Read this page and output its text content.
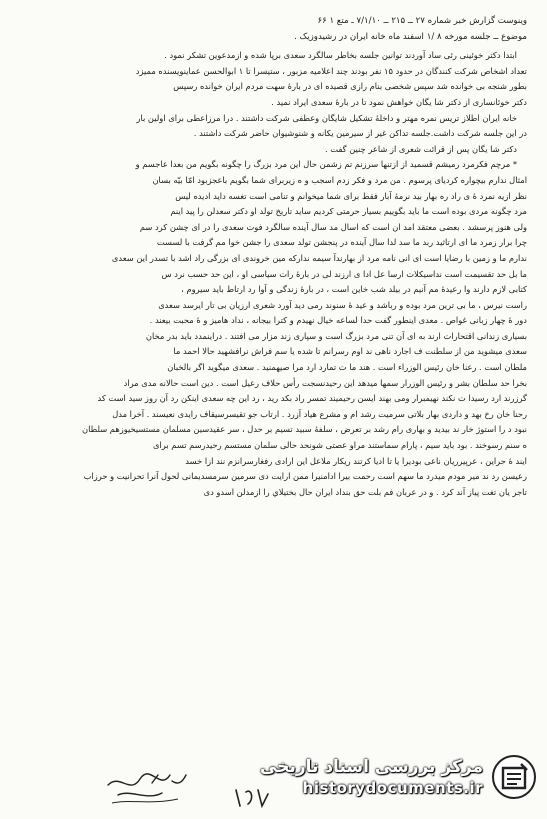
وینوست گزارش خبر شماره ۲۷ ــ ۲۱۵ ــ ۷/۱/۱۰ ـ متع ۱ ۶۶
موضوع ــ جلسه مورخه ۸ /۱ اسفند ماه خانه ایران در رشیدوزیک .
ابتدا دکتر خوئینی رئی ساد آوردند توانین جلسه بخاطر سالگرد سعدی برپا شده و ازمدعوین تشکر نمود .
تعداد اشخاص شرکت کنندگان در حدود ۱۵ نفر بودند چند اعلامیه مزبور ، ستیسرا تا ۱ ابوالحسن عماینویسنده ممیزد
بطور شنجه بی خوانده شد سپس شخصی بنام رازی قصیده ای در بارهٔ سهت مردم ایران خوانده رسپس
دکتر خوئانساری از دکتر شا یگان خواهش نمود تا در بارهٔ سعدی ایراد نمید .
خانه ایران اطلاز تریس نمره مهتر و داخلهٔ تشکیل شایگان وعطفی شرکت داشتند . درا مرزاعطی برای اولین بار
در این جلسه شرکت داشت.جلسه تداکن غیر از سیرمین یکانه و شنوشیوان حاضر شرکت داشتند .
دکتر شا یگان پس از قرائت شعری از شاعر چنین گفت .
* مرچم فکرمرد رمیشم قسمید از ازتنها سرزنم تم زشمن حال این مرد بزرگ را چگونه بگویم من بعدا عاجسم و
امثال ندارم بیچواره کردیای پرسوم . من مرد و فکر زدم اسجب و ه زیربرای شما بگویم باعجزبود امّا بیّه بسان
نظر ازیه نمرد هٔ ی راد ره بهار بید نرمهٔ آبار فقط برای شما میخوانم و تنامی است تغسه داید ادیده لیس
مرد چگونه مردی بوده است ما باید بگوییم بسیار حرمتی کردیم ساید تاریخ تولد او دکتر سعدلن را پید اینم
ولی هنوز پرسشد . بعضی معتقد امد ان است که اسال مد سال آینده سالگرد فوت سعدی را در ای چشن کرد سم
چرا برار زمرد ما ای ارتاثید ربد ما سد لدا سال آینده در پنجشن تولد سعدی را جشن خوا مم گرفت با لسست
ندارم ما و زمین با رضایا است ای انی نامه مرد از بهارندآ سیمه ندارکه مین خروندی ای بزرگی راد اشد با تسدر این سعدی
ما بل حد تقسیمت است نداسیکلات ارسا عل ادا ی ارزند لی در بارهٔ رات سیاسی او ، این حد حسب نرد س
کتابی لازم دارند وا رعیدهٔ مم آنیم در بیلد شب خاین است ، در بارهٔ زندگی و آوا رد ارتاط باید سیروم ،
راست نیرس ، ما بی ترین مرد بوده و رباشد و عید هٔ سنوند رمی دید آورد شعری ارزیان بی تار ایرسد سعدی
دور هٔ چهار زبانی غواص . معدی اینطور گفت حدا لساعه خیال نهیدم و کترا بیجانه ، نداد هامیز و هٔ محبت بیعند .
بسیاری زندانی اقتحارات ارند به ای آن تنی مرد بزرگ است و سپاری زند مزار می افتند . دراینمدد باید بدر مخان
سعدی میشوید من از سلطنت ف اجارد ناهی ند اوم رسرانم تا شده یا سم فراش نرافشهید حالا احمد ما
ملطان است . رعنا خان رئیس الوزراء است . هند ما ت تمارد ارد مرا صیهمنید . سعدی میگوید اگر بالخبان
بخرا حد سلطان بشر و رئیس الوزرار سمها میدهد این رحیدنسجت رأس حلاف رعیل است . دین است حالانه مدی مراد
گرزرند ارد رسیدا ت نکند نهیمبرار ومی بهند ایسن رحیمیند تمسر راد بکد رید ، رد این چه سعدی اینکن رد آن روز سید است کد
رحنا خان رخ بهد و داردی بهار بلاتی سرمیت رشد ام و مشرع هیاد آزرد . ارتاب جو تقیسرسیقاف رایدی نعیسند . آخرا مدل
نبود د را استوژ خار ند بیدید و بهاری رام رشد بر تعرض ، سلفهٔ سبید تسیم بر حدل ، سر عقیدسین مسلمان مستسیخیوزهم سلطان
ه سنم رسوخند . بود باید سیم ، پارام سماستند مراو عصتی شونحد حالی سلمان مستسم رحیدرسم تسم برای
ایند هٔ حراین ، عرپیرریان ناعی بودیرا یا تا ادیا کرتند ریکار ملاعل این ارادی رفغارسرانزم نند ازا خسد
رعیسن رد ند میر مودم میدرد ما سهم است رحمت بیرا ادامنیرا ممن ارایت دی سرمین سرمسدیمانی لحول آنرا تحرانیت و حرزاب
تاجر یان تغت پیاز آند کرد . و در عربان فم بلت حق بنداد ایران حال بختیلاي را ازمدلن اسدو دی
مرکز بررسی اسناد تاریخی
historydocuments.ir
